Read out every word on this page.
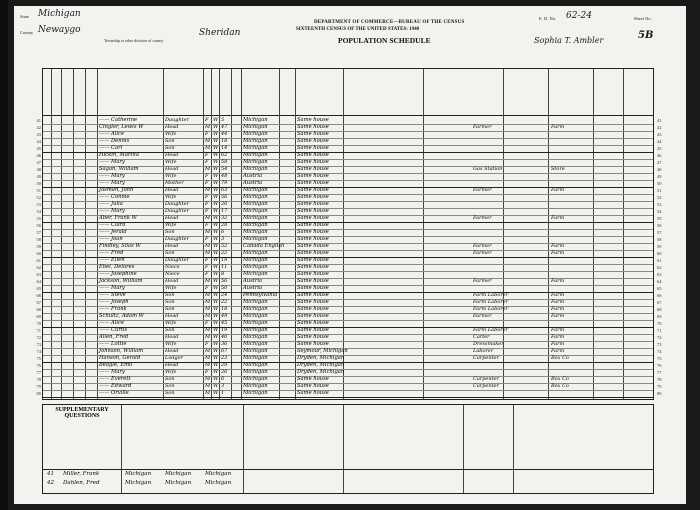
State Michigan
County Newaygo
Township or other division of county
Sheridan
DEPARTMENT OF COMMERCE—BUREAU OF THE CENSUS
SIXTEENTH CENSUS OF THE UNITED STATES: 1940
POPULATION SCHEDULE
E. D. No. 62-24	Sheet No.
5B
Sophia T. Ambler
41	—— Catherine	Daughter	F W 5	Michigan	Same house	41
42	Cingler, Lewis W	Head	M W 47	Michigan	Same house	Farmer	Farm	42
43	—— Alice	Wife	F W 44	Michigan	Same house	43
44	—— Dennis	Son	M W 18	Michigan	Same house	44
45	—— Carl	Son	M W 14	Michigan	Same house	45
46	Hickin, Martha	Head	F W 62	Michigan	Same house	46
47	—— Mary	Wife	F W 58	Michigan	Same house	47
48	Sagan, William	Head	M W 54	Michigan	Same house	Gas Station	Store	48
49	—— Mary	Wife	F W 48	Austria	Same house	49
50	—— Mary	Mother	F W 79	Austria	Same house	50
51	Jasman, John	Head	M W 63	Michigan	Same house	Farmer	Farm	51
52	—— Connie	Wife	F W 56	Michigan	Same house	52
53	—— Julia	Daughter	F W 20	Michigan	Same house	53
54	—— Mary	Daughter	F W 17	Michigan	Same house	54
55	Aber, Frank W	Head	M W 32	Michigan	Same house	Farmer	Farm	55
56	—— Clara	Wife	F W 28	Michigan	Same house	56
57	—— Jerald	Son	M W 6	Michigan	Same house	57
58	—— Joan	Daughter	F W 3	Michigan	Same house	58
59	Findley, Silas W	Head	M W 52	Canada English Same house	Farmer	Farm	59
60	—— Fred	Son	M W 22	Michigan	Same house	Farmer	Farm	60
61	—— Ellen	Daughter	F W 19	Michigan	Same house	61
62	Ebel, Delores	Niece	F W 11	Michigan	Same house	62
63	—— Josephine	Niece	F W 8	Michigan	Same house	63
64	Jackson, William	Head	M W 56	Austria	Same house	Farmer	Farm	64
65	—— Mary	Wife	F W 50	Austria	Same house	65
66	—— Steve	Son	M W 24	Pennsylvania	Same house	Farm Laborer	Farm	66
67	—— Joseph	Son	M W 22	Michigan	Same house	Farm Laborer	Farm	67
68	—— Frank	Son	M W 18	Michigan	Same house	Farm Laborer	Farm	68
69	Schultz, Adam W	Head	M W 49	Michigan	Same house	Farmer	Farm	69
70	—— Alice	Wife	F W 45	Michigan	Same house	70
71	—— Curtis	Son	M W 19	Michigan	Same house	Farm Laborer	Farm	71
72	Allen, Fred	Head	M W 40	Michigan	Same house	Carter	Farm	72
73	—— Lottie	Wife	F W 36	Michigan	Same house	Dressmaker	Farm	73
74	Johnson, William	Head	M W 67	Michigan	Seymour, Michigan	Laborer	Farm	74
75	Hanson, Gerald	Lodger	M W 23	Michigan	Dryden, Michigan	Carpenter	Box Co	75
76	Beagle, Emil	Head	M W 29	Michigan	Dryden, Michigan	76
77	—— Mary	Wife	F W 26	Michigan	Dryden, Michigan	77
78	—— Everett	Son	M W 6	Michigan	Same house	Carpenter	Box Co	78
79	—— Edward	Son	M W 3	Michigan	Same house	Carpenter	Box Co	79
80	—— Orville	Son	M W 1	Michigan	Same house	80
SUPPLEMENTARY QUESTIONS
41	Miller, Frank	Michigan	Michigan	Michigan
42	Dahlen, Fred	Michigan	Michigan	Michigan
